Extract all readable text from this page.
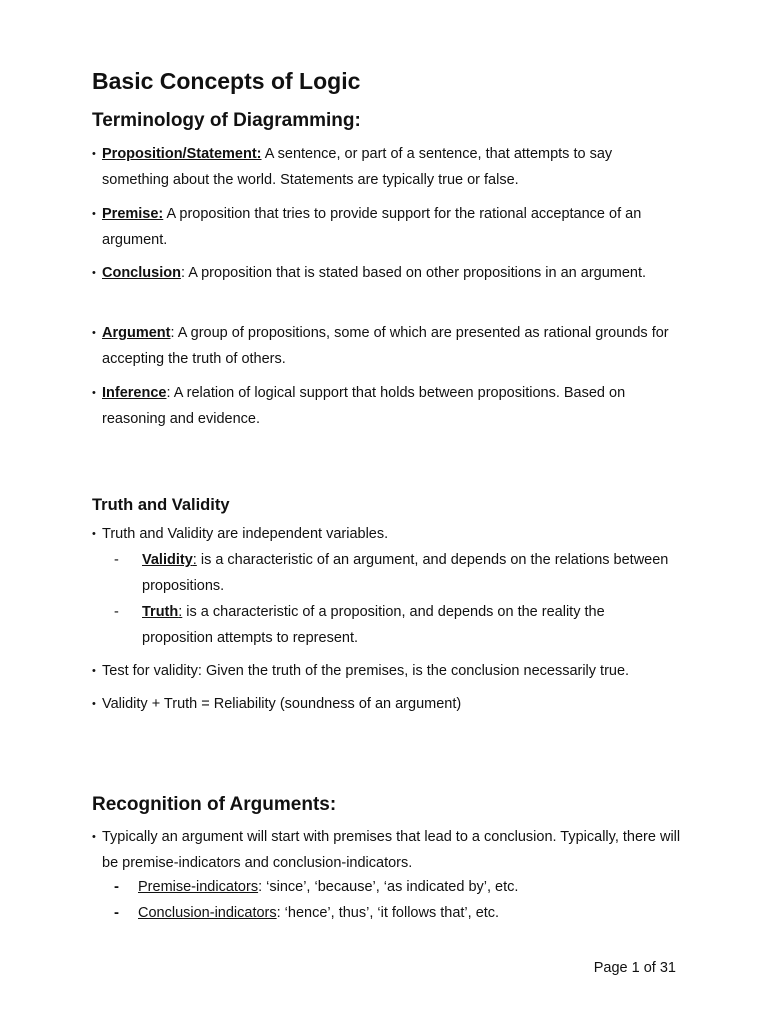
Basic Concepts of Logic
Terminology of Diagramming:
• Proposition/Statement: A sentence, or part of a sentence, that attempts to say something about the world. Statements are typically true or false.
• Premise: A proposition that tries to provide support for the rational acceptance of an argument.
• Conclusion: A proposition that is stated based on other propositions in an argument.
• Argument: A group of propositions, some of which are presented as rational grounds for accepting the truth of others.
• Inference: A relation of logical support that holds between propositions. Based on reasoning and evidence.
Truth and Validity
• Truth and Validity are independent variables.
-	Validity: is a characteristic of an argument, and depends on the relations between propositions.
-	Truth: is a characteristic of a proposition, and depends on the reality the proposition attempts to represent.
• Test for validity: Given the truth of the premises, is the conclusion necessarily true.
• Validity + Truth = Reliability (soundness of an argument)
Recognition of Arguments:
• Typically an argument will start with premises that lead to a conclusion. Typically, there will be premise-indicators and conclusion-indicators.
-	Premise-indicators: ‘since’, ‘because’, ‘as indicated by’, etc.
-	Conclusion-indicators: ‘hence’, thus’, ‘it follows that’, etc.
Page 1 of 31
